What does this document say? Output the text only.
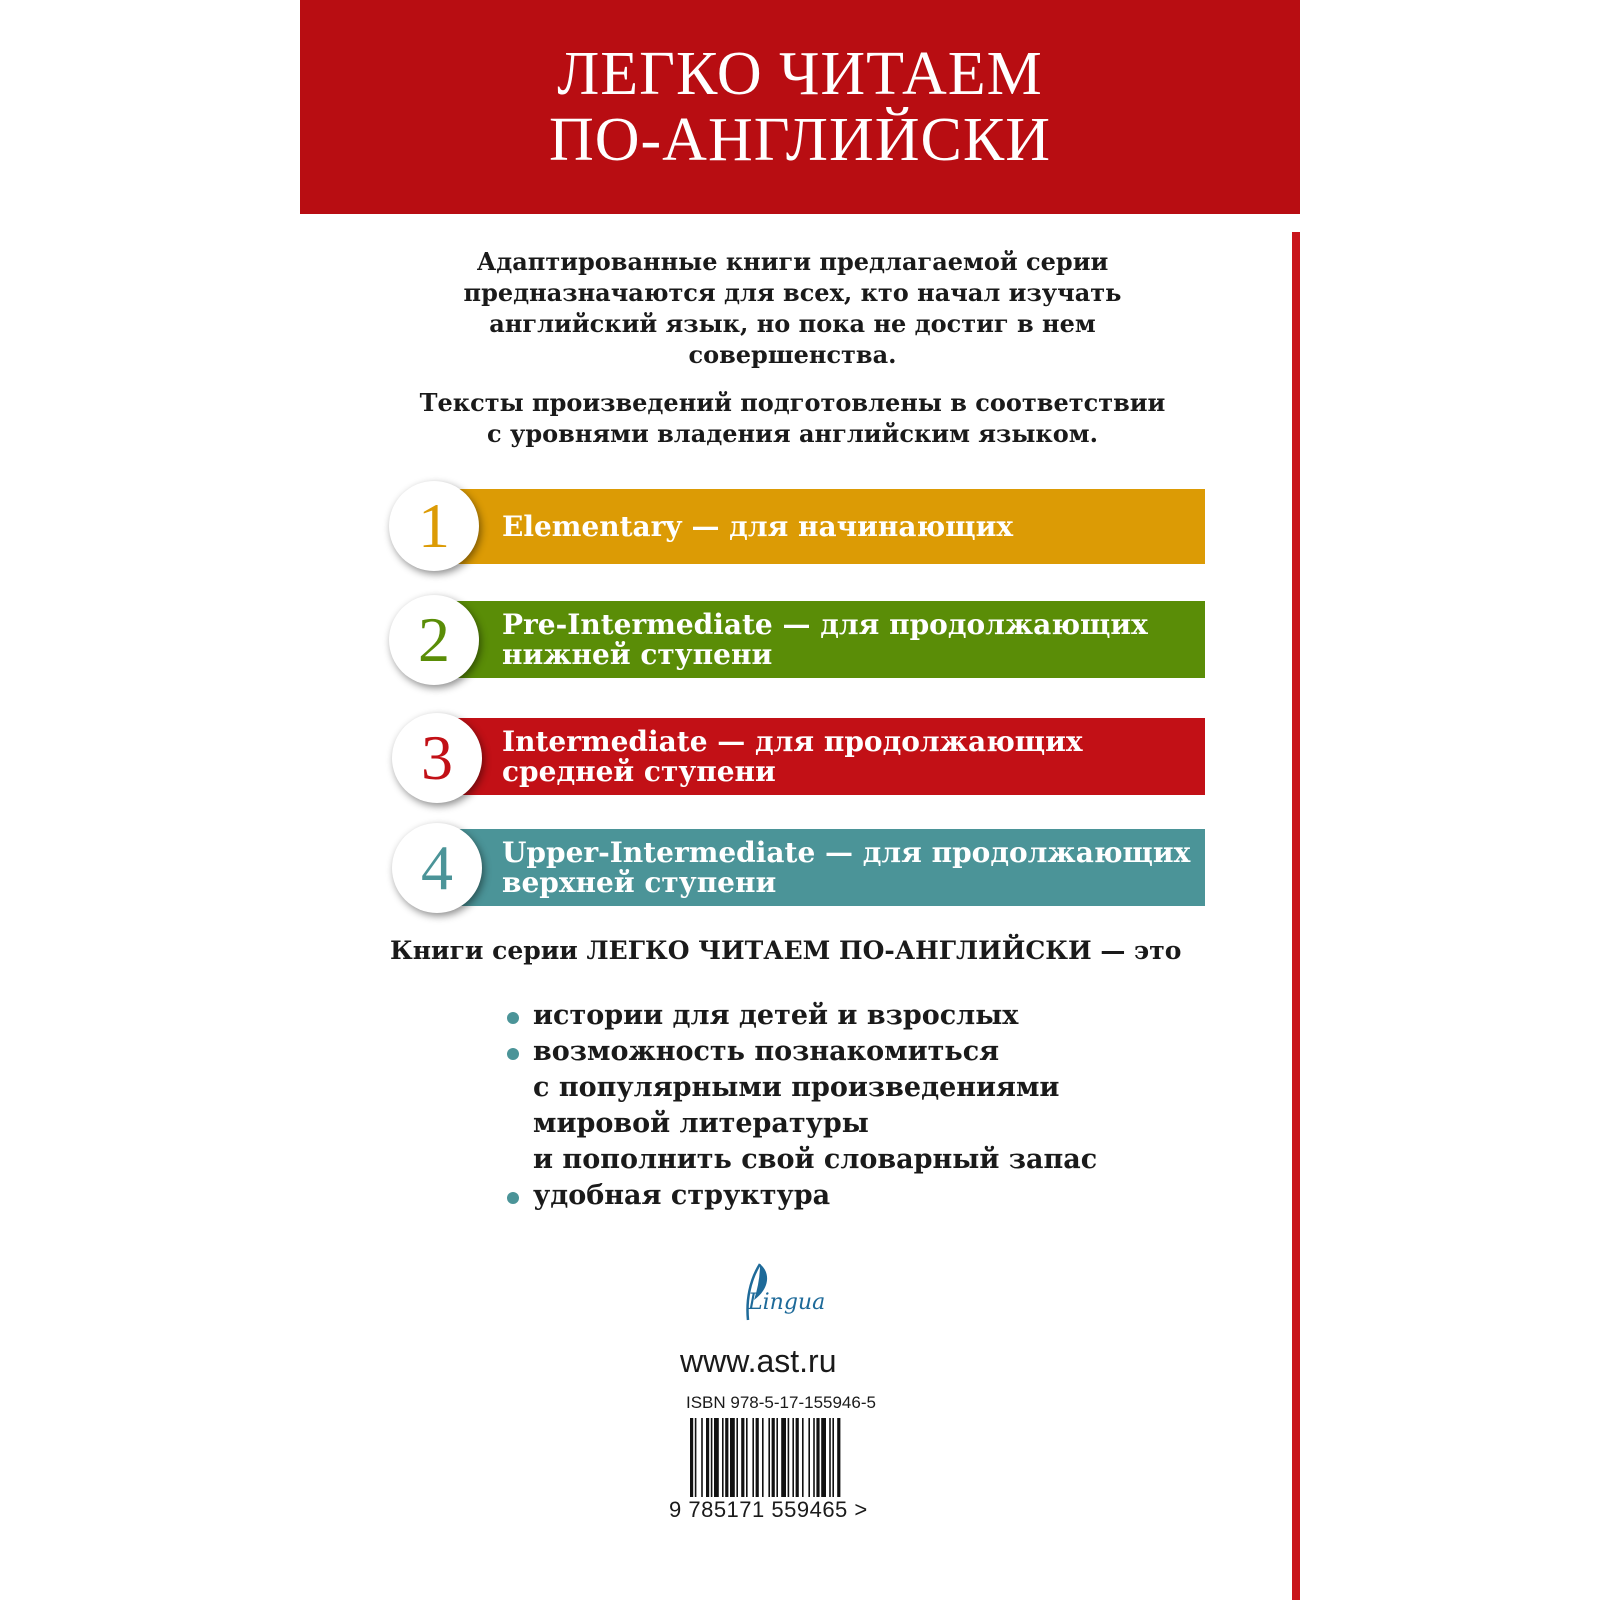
ЛЕГКО ЧИТАЕМ
ПО-АНГЛИЙСКИ

Адаптированные книги предлагаемой серии

предназначаются для всех, кто начал изучать

английский язык, но пока не достиг в нем

совершенства.

Тексты произведений подготовлены в соответствии

с уровнями владения английским языком.

Elementary — для начинающих
1
Pre-Intermediate — для продолжающих
нижней ступени
2
Intermediate — для продолжающих
средней ступени
3
Upper-Intermediate — для продолжающих
верхней ступени
4
Книги серии ЛЕГКО ЧИТАЕМ ПО-АНГЛИЙСКИ — это
истории для детей и взрослых
возможность познакомиться
с популярными произведениями
мировой литературы
и пополнить свой словарный запас
удобная структура
Lingua
www.ast.ru
ISBN 978-5-17-155946-5
9 785171 559465 >
